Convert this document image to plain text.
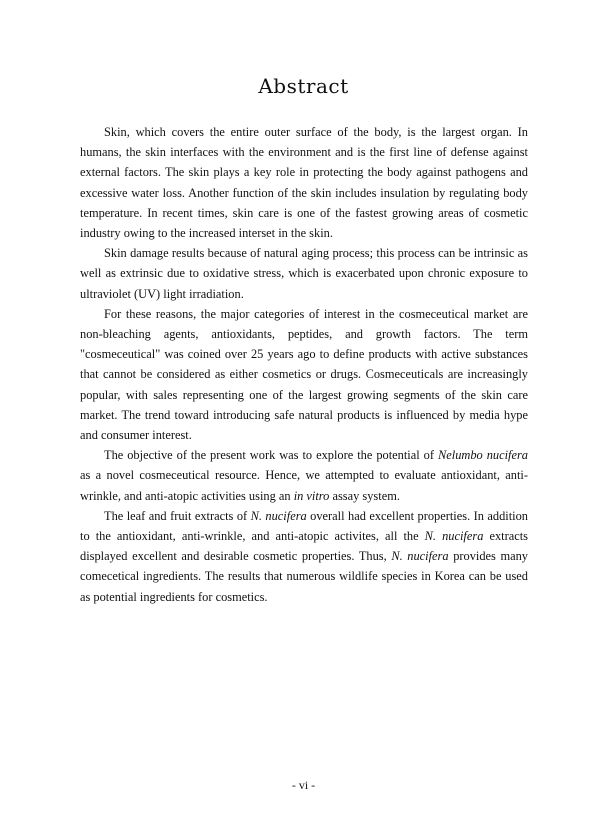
Abstract

Skin, which covers the entire outer surface of the body, is the largest organ. In humans, the skin interfaces with the environment and is the first line of defense against external factors. The skin plays a key role in protecting the body against pathogens and excessive water loss. Another function of the skin includes insulation by regulating body temperature. In recent times, skin care is one of the fastest growing areas of cosmetic industry owing to the increased interset in the skin.

Skin damage results because of natural aging process; this process can be intrinsic as well as extrinsic due to oxidative stress, which is exacerbated upon chronic exposure to ultraviolet (UV) light irradiation.

For these reasons, the major categories of interest in the cosmeceutical market are non-bleaching agents, antioxidants, peptides, and growth factors. The term "cosmeceutical" was coined over 25 years ago to define products with active substances that cannot be considered as either cosmetics or drugs. Cosmeceuticals are increasingly popular, with sales representing one of the largest growing segments of the skin care market. The trend toward introducing safe natural products is influenced by media hype and consumer interest.

The objective of the present work was to explore the potential of Nelumbo nucifera as a novel cosmeceutical resource. Hence, we attempted to evaluate antioxidant, anti-wrinkle, and anti-atopic activities using an in vitro assay system.

The leaf and fruit extracts of N. nucifera overall had excellent properties. In addition to the antioxidant, anti-wrinkle, and anti-atopic activites, all the N. nucifera extracts displayed excellent and desirable cosmetic properties. Thus, N. nucifera provides many comecetical ingredients. The results that numerous wildlife species in Korea can be used as potential ingredients for cosmetics.

- vi -
